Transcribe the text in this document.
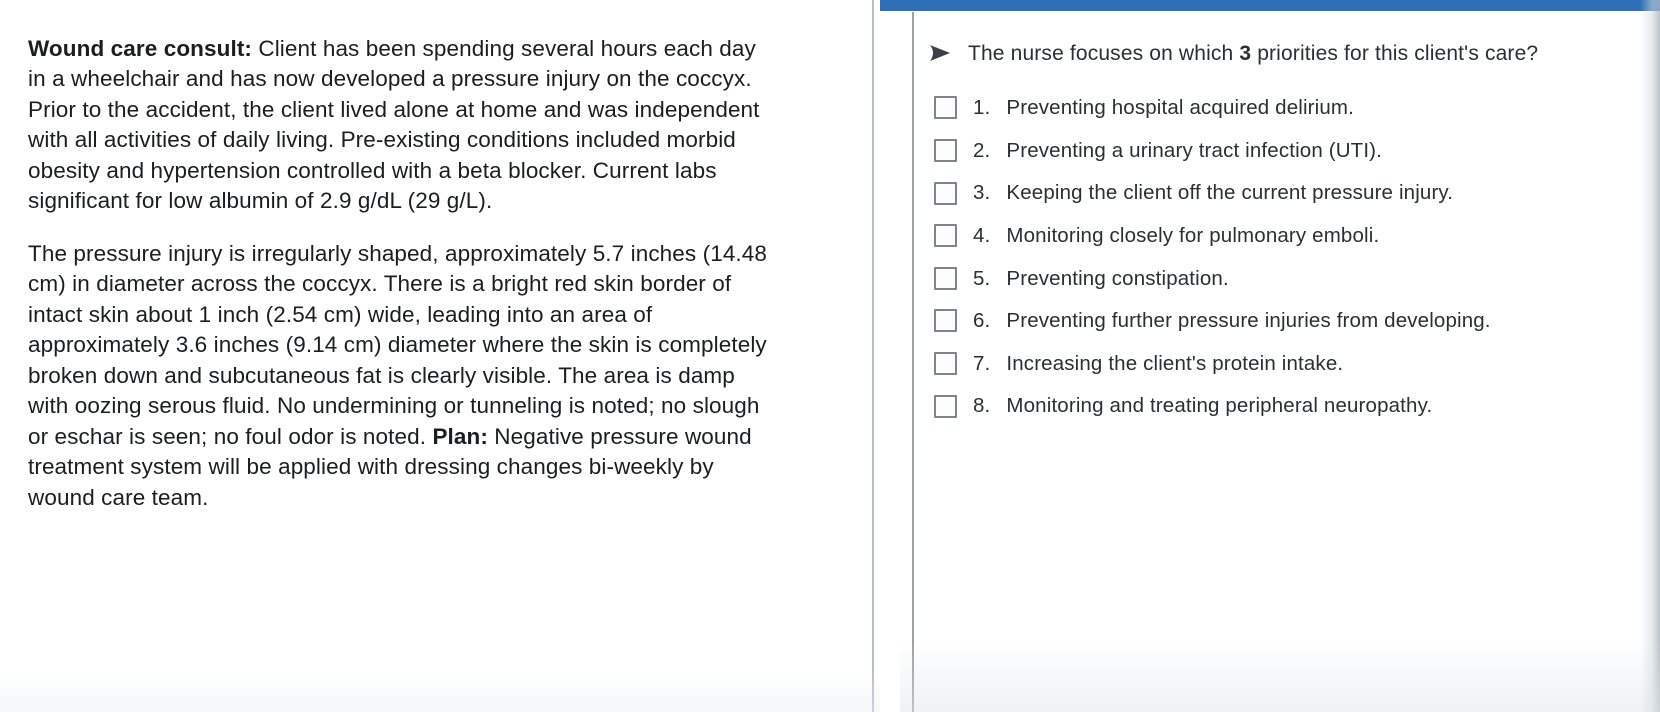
Wound care consult: Client has been spending several hours each day in a wheelchair and has now developed a pressure injury on the coccyx. Prior to the accident, the client lived alone at home and was independent with all activities of daily living. Pre-existing conditions included morbid obesity and hypertension controlled with a beta blocker. Current labs significant for low albumin of 2.9 g/dL (29 g/L).

The pressure injury is irregularly shaped, approximately 5.7 inches (14.48 cm) in diameter across the coccyx. There is a bright red skin border of intact skin about 1 inch (2.54 cm) wide, leading into an area of approximately 3.6 inches (9.14 cm) diameter where the skin is completely broken down and subcutaneous fat is clearly visible. The area is damp with oozing serous fluid. No undermining or tunneling is noted; no slough or eschar is seen; no foul odor is noted. Plan: Negative pressure wound treatment system will be applied with dressing changes bi-weekly by wound care team.

The nurse focuses on which 3 priorities for this client's care?
1. Preventing hospital acquired delirium.
2. Preventing a urinary tract infection (UTI).
3. Keeping the client off the current pressure injury.
4. Monitoring closely for pulmonary emboli.
5. Preventing constipation.
6. Preventing further pressure injuries from developing.
7. Increasing the client's protein intake.
8. Monitoring and treating peripheral neuropathy.
